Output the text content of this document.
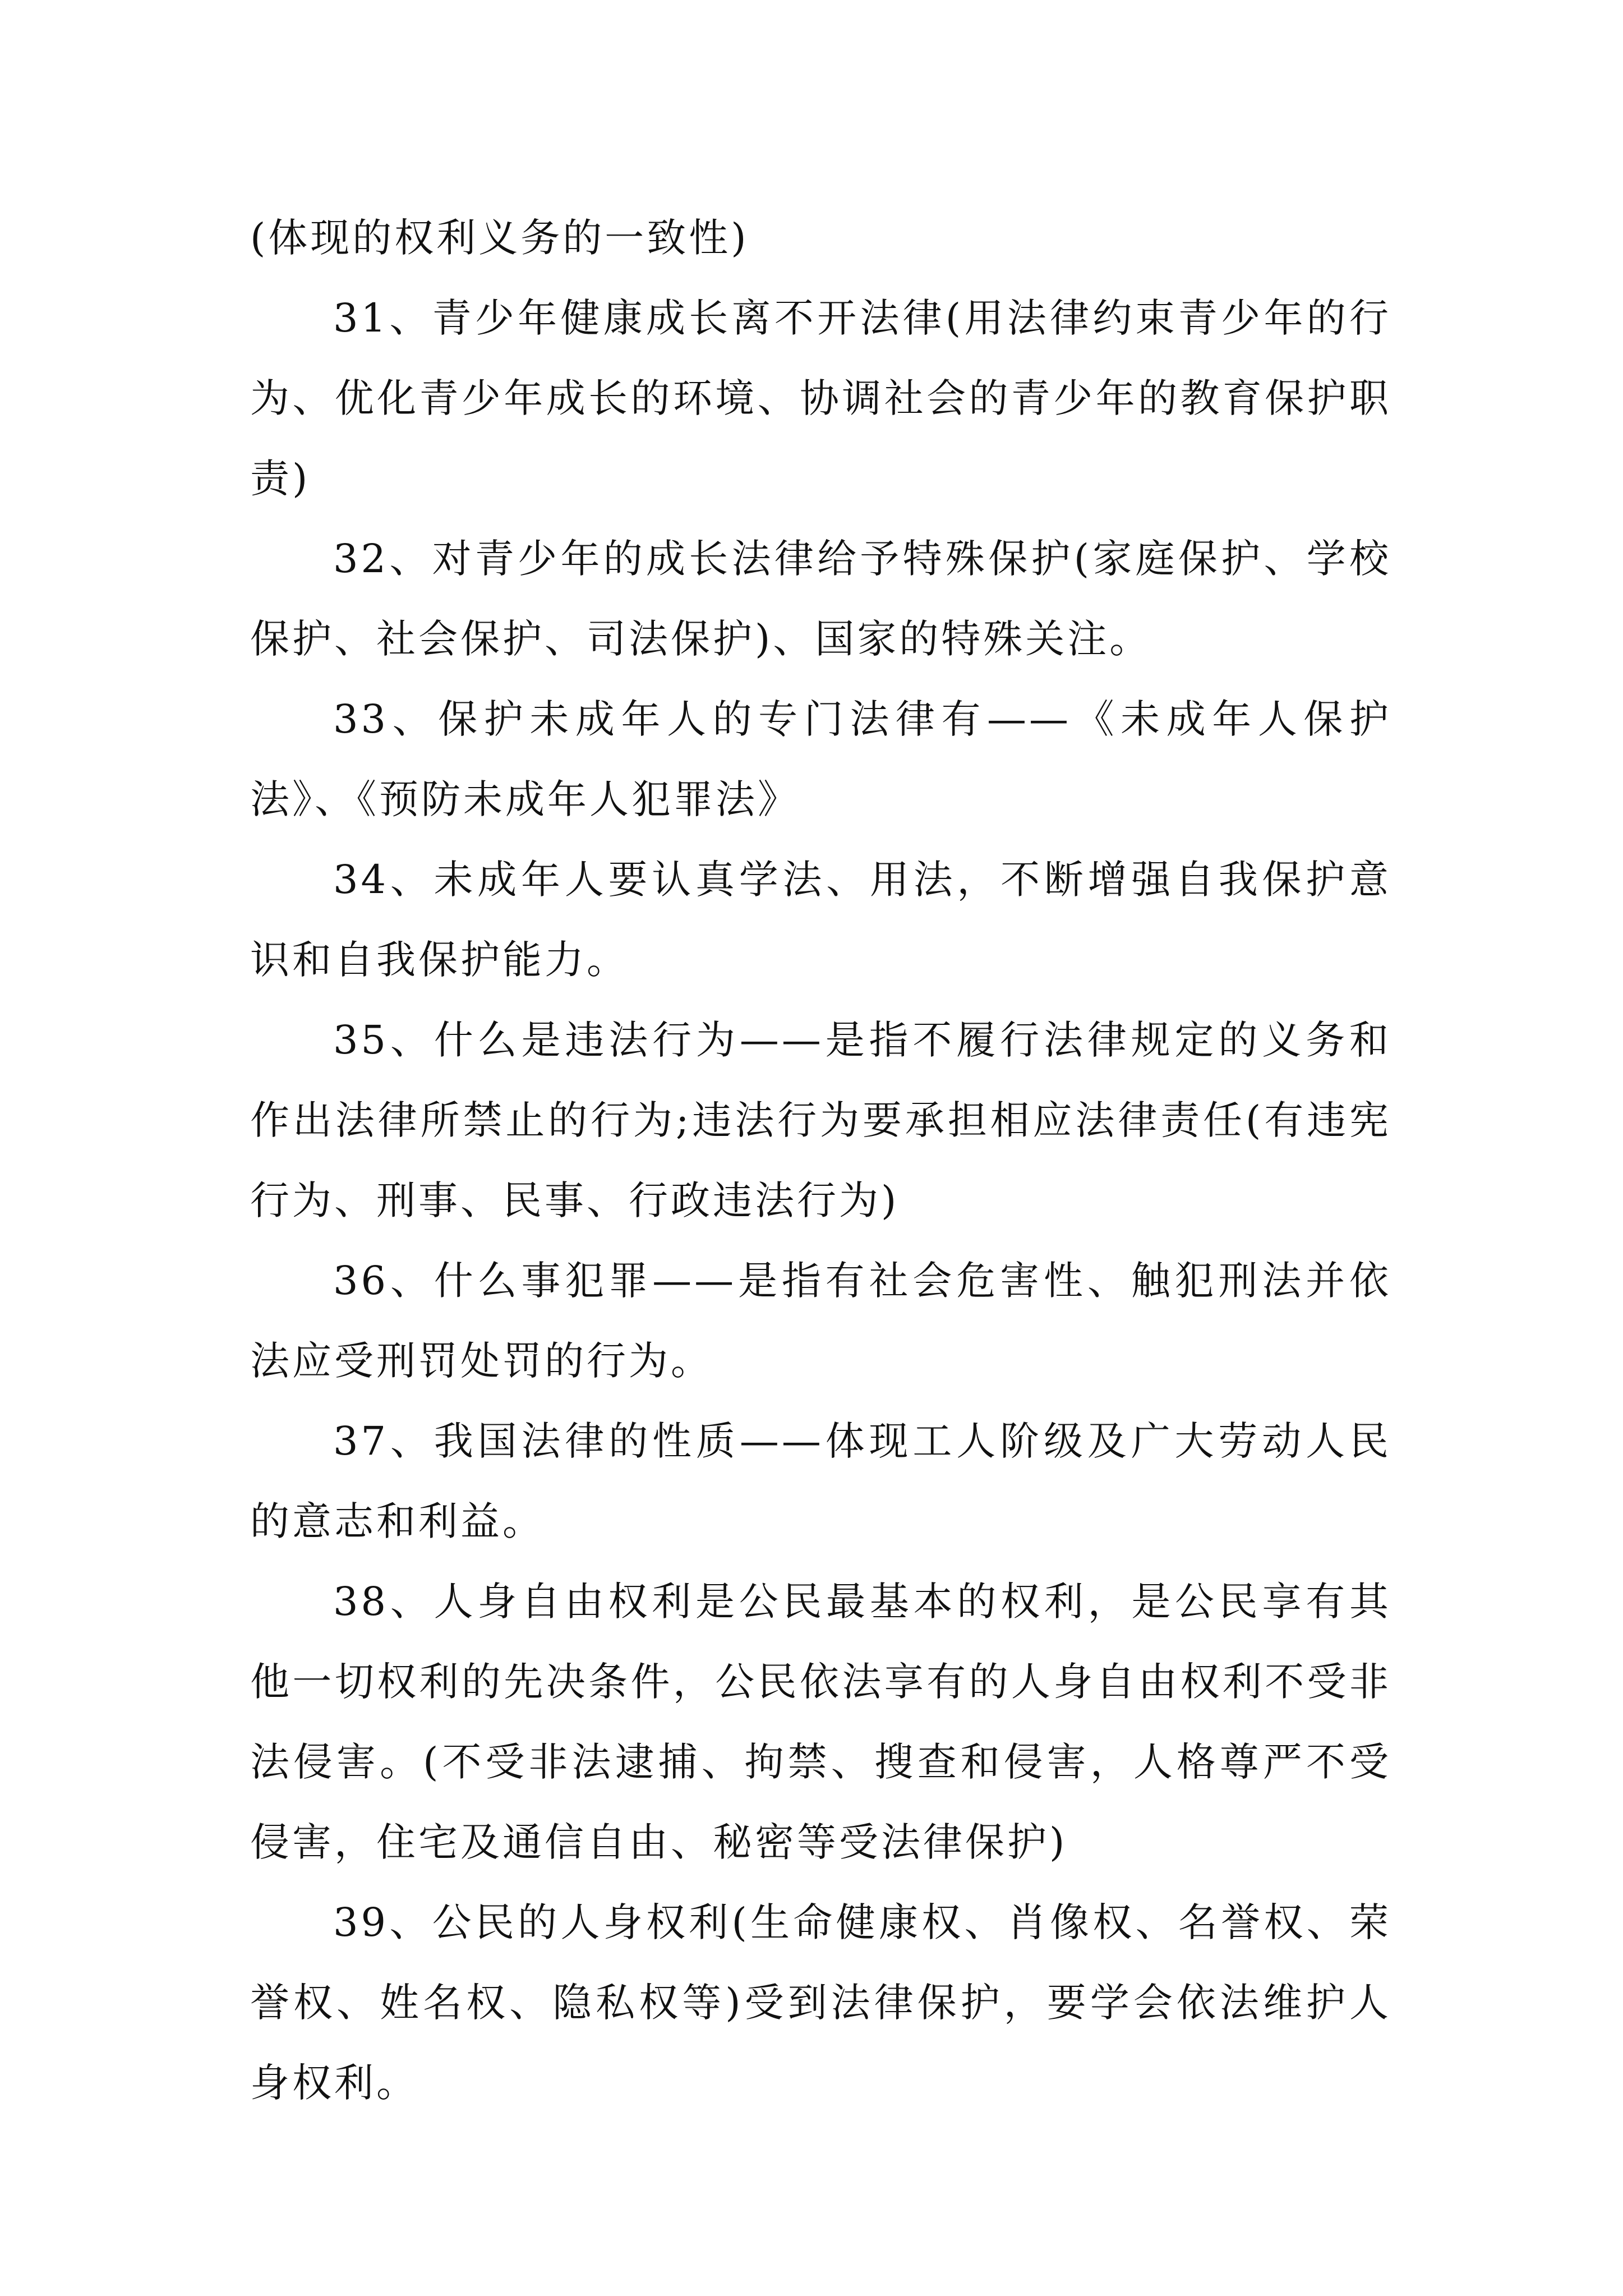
(体现的权利义务的一致性)

31、青少年健康成长离不开法律(用法律约束青少年的行为、优化青少年成长的环境、协调社会的青少年的教育保护职责)

32、对青少年的成长法律给予特殊保护(家庭保护、学校保护、社会保护、司法保护)、国家的特殊关注。

33、保护未成年人的专门法律有——《未成年人保护法》、《预防未成年人犯罪法》

34、未成年人要认真学法、用法，不断增强自我保护意识和自我保护能力。

35、什么是违法行为——是指不履行法律规定的义务和作出法律所禁止的行为;违法行为要承担相应法律责任(有违宪行为、刑事、民事、行政违法行为)

36、什么事犯罪——是指有社会危害性、触犯刑法并依法应受刑罚处罚的行为。

37、我国法律的性质——体现工人阶级及广大劳动人民的意志和利益。

38、人身自由权利是公民最基本的权利，是公民享有其他一切权利的先决条件，公民依法享有的人身自由权利不受非法侵害。(不受非法逮捕、拘禁、搜查和侵害，人格尊严不受侵害，住宅及通信自由、秘密等受法律保护)

39、公民的人身权利(生命健康权、肖像权、名誉权、荣誉权、姓名权、隐私权等)受到法律保护，要学会依法维护人身权利。
